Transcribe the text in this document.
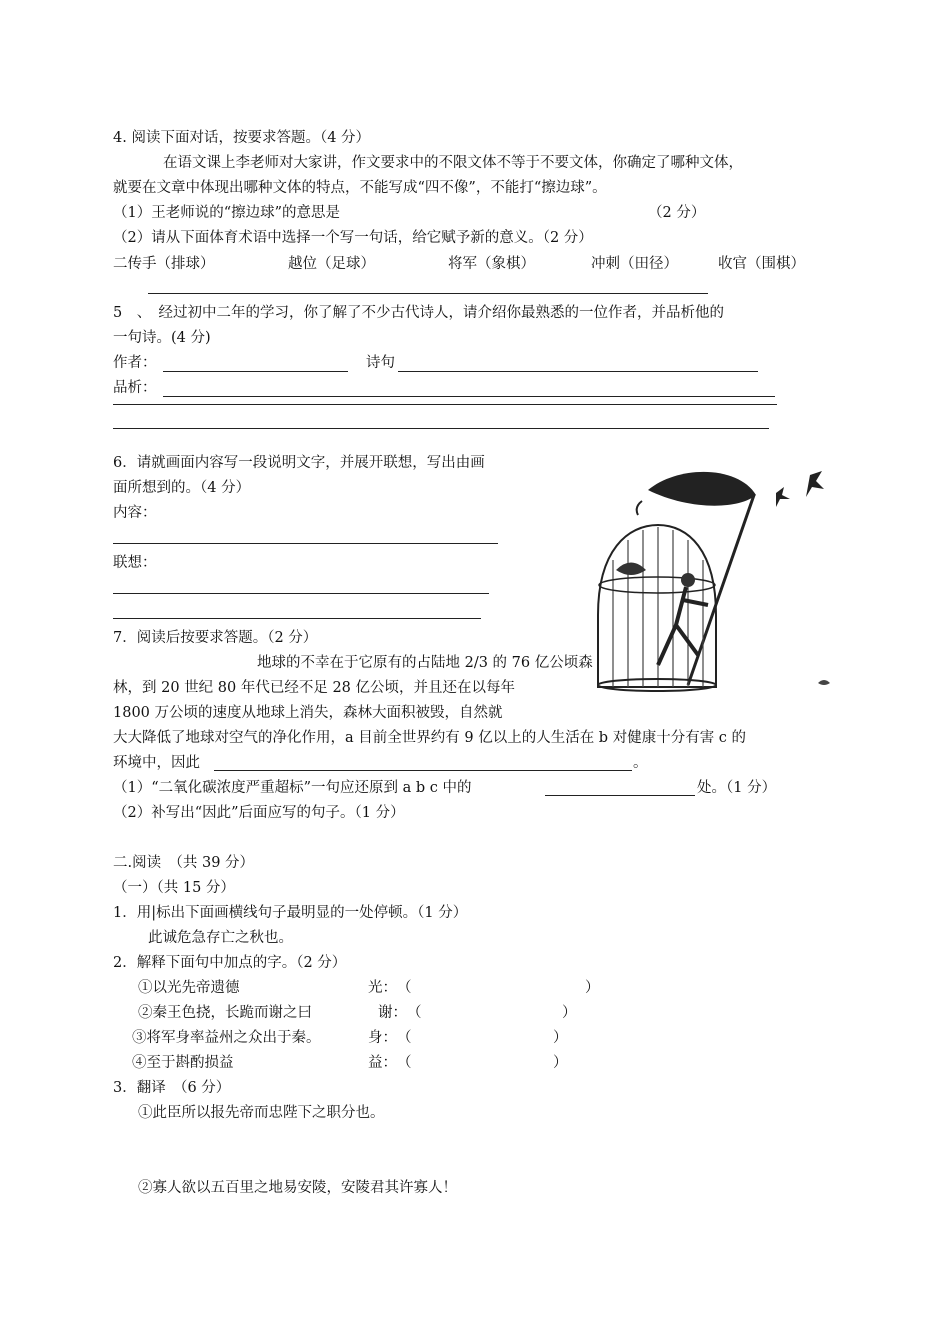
4. 阅读下面对话，按要求答题。（4 分）
在语文课上李老师对大家讲，作文要求中的不限文体不等于不要文体，你确定了哪种文体，
就要在文章中体现出哪种文体的特点，不能写成“四不像”，不能打“擦边球”。
（1）王老师说的“擦边球”的意思是	（2 分）
（2）请从下面体育术语中选择一个写一句话，给它赋予新的意义。（2 分）
二传手（排球）	越位（足球）	将军（象棋）	冲刺（田径）	收官（围棋）
5　、　经过初中二年的学习，你了解了不少古代诗人，请介绍你最熟悉的一位作者，并品析他的
一句诗。(4 分)
作者：	诗句
品析：
6．请就画面内容写一段说明文字，并展开联想，写出由画
面所想到的。（4 分）
内容：
联想：
7．阅读后按要求答题。（2 分）
地球的不幸在于它原有的占陆地 2/3 的 76 亿公顷森
林，到 20 世纪 80 年代已经不足 28 亿公顷，并且还在以每年
1800 万公顷的速度从地球上消失，森林大面积被毁，自然就
大大降低了地球对空气的净化作用，a 目前全世界约有 9 亿以上的人生活在 b 对健康十分有害 c 的
环境中，因此	。
（1）“二氧化碳浓度严重超标”一句应还原到 a b c 中的	处。（1 分）
（2）补写出“因此”后面应写的句子。（1 分）
二.阅读　（共 39 分）
（一）（共 15 分）
1．用|标出下面画横线句子最明显的一处停顿。（1 分）
此诚危急存亡之秋也。
2．解释下面句中加点的字。（2 分）
①以光先帝遗德	光：　（	）
②秦王色挠，长跪而谢之曰	谢：　（	）
③将军身率益州之众出于秦。	身：　（	）
④至于斟酌损益	益：　（	）
3．翻译　（6 分）
①此臣所以报先帝而忠陛下之职分也。
②寡人欲以五百里之地易安陵，安陵君其许寡人！
